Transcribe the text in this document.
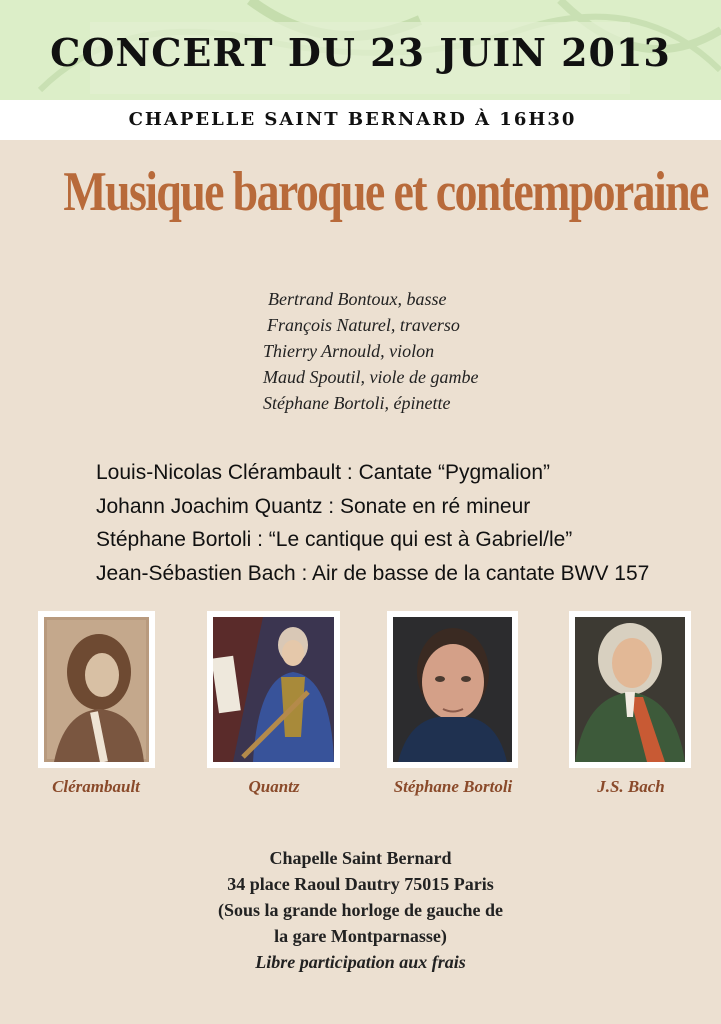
CONCERT DU 23 JUIN 2013
CHAPELLE SAINT BERNARD À 16H30
Musique baroque et contemporaine
Bertrand Bontoux, basse
François Naturel, traverso
Thierry Arnould, violon
Maud Spoutil, viole de gambe
Stéphane Bortoli, épinette
Louis-Nicolas Clérambault : Cantate “Pygmalion”
Johann Joachim Quantz : Sonate en ré mineur
Stéphane Bortoli : “Le cantique qui est à Gabriel/le”
Jean-Sébastien Bach : Air de basse de la cantate BWV 157
Clérambault	Quantz	Stéphane Bortoli	J.S. Bach
Chapelle Saint Bernard
34 place Raoul Dautry 75015 Paris
(Sous la grande horloge de gauche de
la gare Montparnasse)
Libre participation aux frais
